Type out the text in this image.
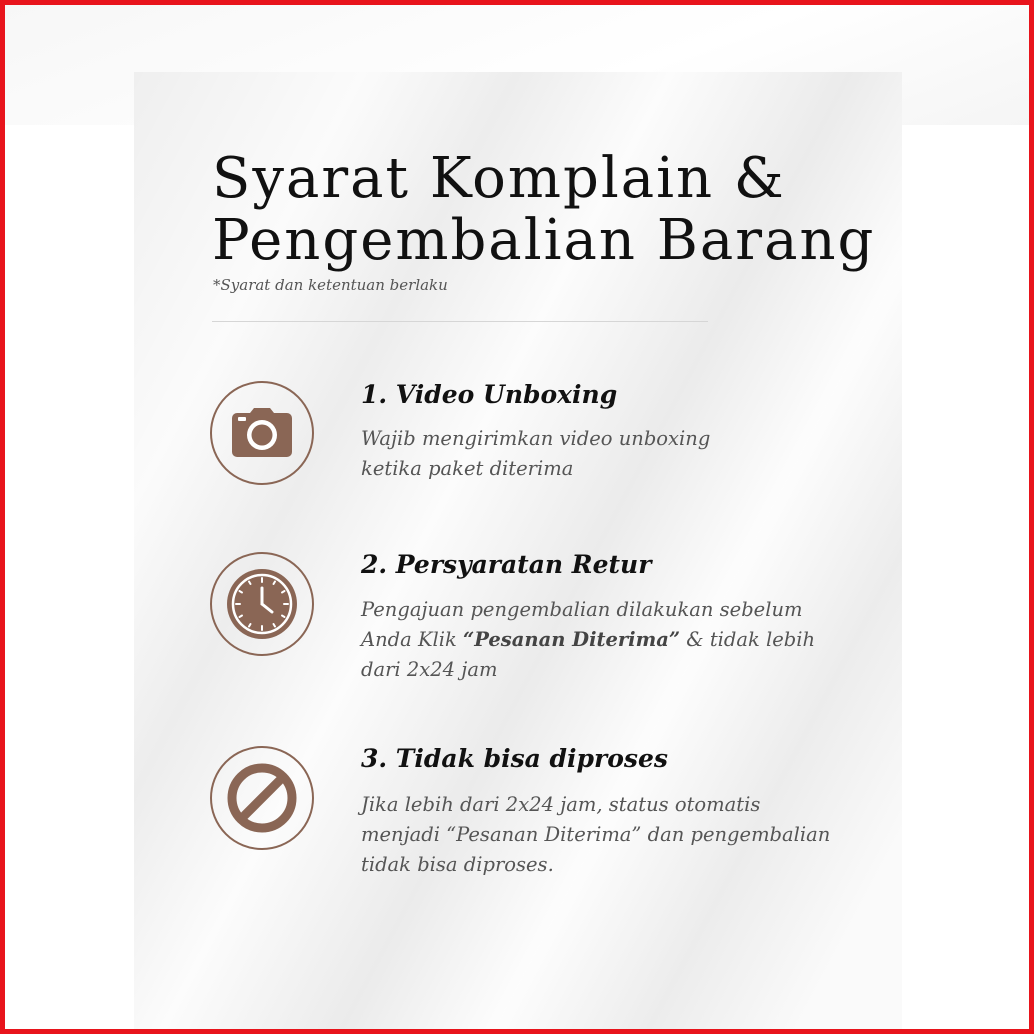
Syarat Komplain &
Pengembalian Barang
*Syarat dan ketentuan berlaku
1. Video Unboxing
Wajib mengirimkan video unboxing
ketika paket diterima
2. Persyaratan Retur
Pengajuan pengembalian dilakukan sebelum
Anda Klik “Pesanan Diterima” & tidak lebih
dari 2x24 jam
3. Tidak bisa diproses
Jika lebih dari 2x24 jam, status otomatis
menjadi “Pesanan Diterima” dan pengembalian
tidak bisa diproses.
